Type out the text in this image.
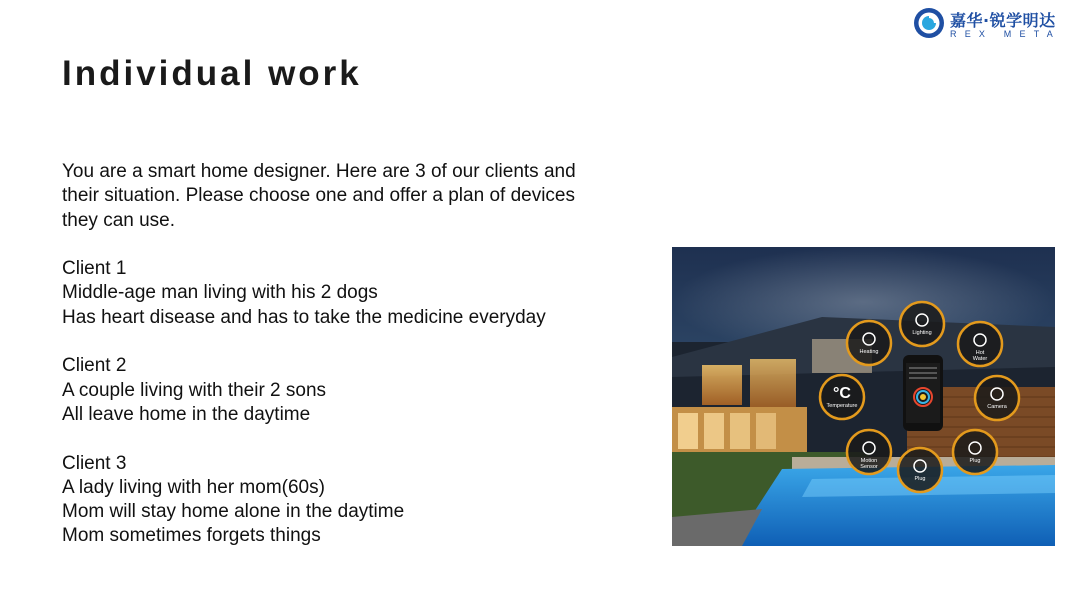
嘉华·锐学明达
REX META
Individual work

You are a smart home designer. Here are 3 of our clients and

their situation. Please choose one and offer a plan of devices

they can use.

Client 1

Middle-age man living with his 2 dogs

Has heart disease and has to take the medicine everyday

Client 2

A couple living with their 2 sons

All leave home in the daytime

Client 3

A lady living with her mom(60s)

Mom will stay home alone in the daytime

Mom sometimes forgets things

Heating
Lighting
Hot
Water
Camera
Plug
Plug
Motion
Sensor
°C
Temperature
